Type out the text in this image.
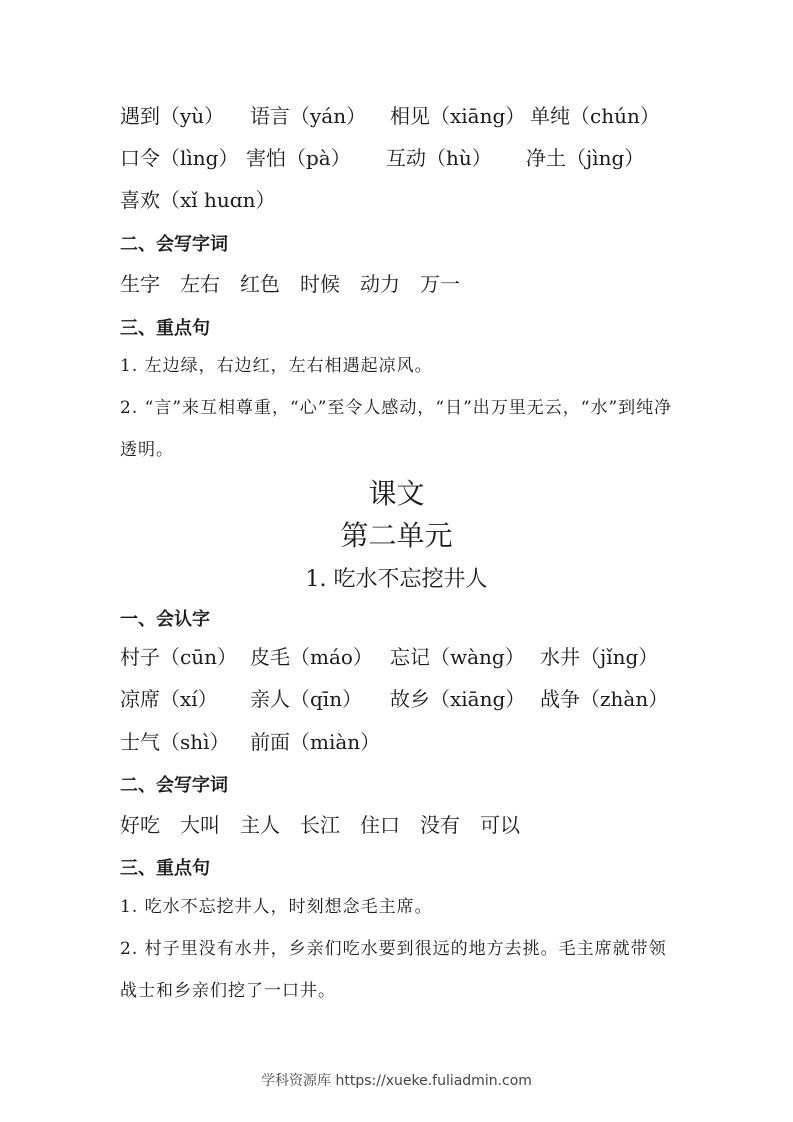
遇到（yù） 语言（yán） 相见（xiāng） 单纯（chún）
口令（lìng） 害怕（pà） 互动（hù） 净土（jìng）
喜欢（xǐ huɑn）
二、会写字词
生字 左右 红色 时候 动力 万一
三、重点句
1. 左边绿，右边红，左右相遇起凉风。
2. “言”来互相尊重，“心”至令人感动，“日”出万里无云，“水”到纯净透明。
课文
第二单元
1. 吃水不忘挖井人
一、会认字
村子（cūn） 皮毛（máo） 忘记（wàng） 水井（jǐng）
凉席（xí） 亲人（qīn） 故乡（xiāng） 战争（zhàn）
士气（shì） 前面（miàn）
二、会写字词
好吃 大叫 主人 长江 住口 没有 可以
三、重点句
1. 吃水不忘挖井人，时刻想念毛主席。
2. 村子里没有水井，乡亲们吃水要到很远的地方去挑。毛主席就带领战士和乡亲们挖了一口井。
学科资源库 https://xueke.fuliadmin.com
